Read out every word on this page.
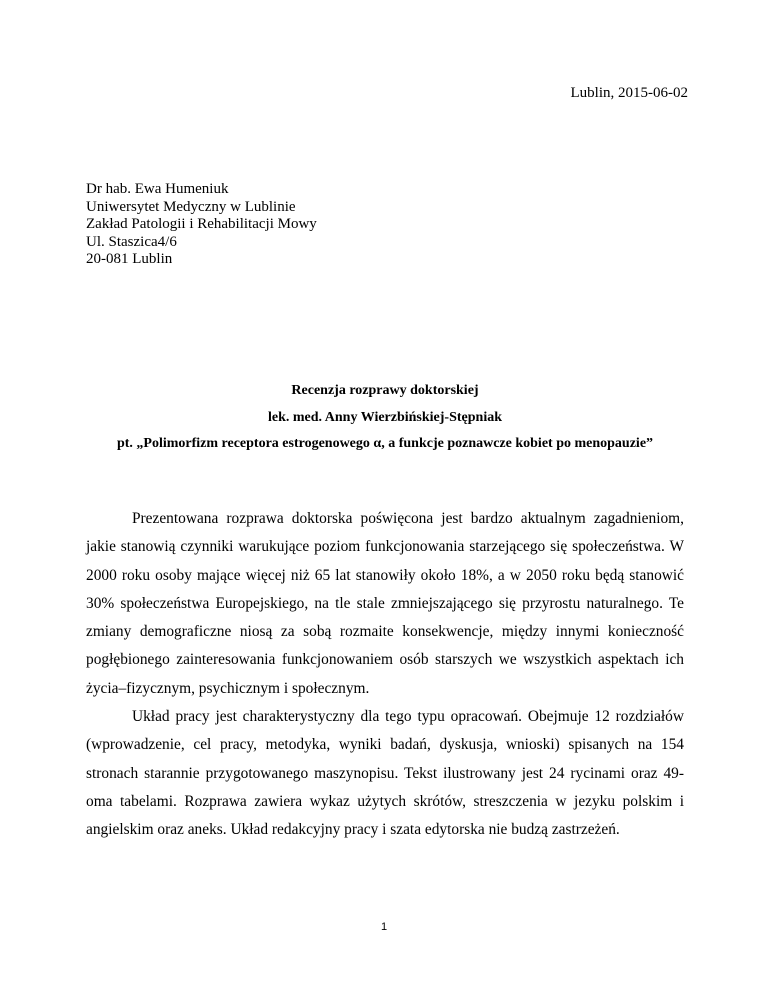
Lublin, 2015-06-02
Dr hab. Ewa Humeniuk
Uniwersytet Medyczny w Lublinie
Zakład Patologii i Rehabilitacji Mowy
Ul. Staszica4/6
20-081 Lublin
Recenzja rozprawy doktorskiej
lek. med. Anny Wierzbińskiej-Stępniak
pt. „Polimorfizm receptora estrogenowego α, a funkcje poznawcze kobiet po menopauzie”

Prezentowana rozprawa doktorska poświęcona jest bardzo aktualnym zagadnieniom, jakie stanowią czynniki warukujące poziom funkcjonowania starzejącego się społeczeństwa. W 2000 roku osoby mające więcej niż 65 lat stanowiły około 18%, a w 2050 roku będą stanowić 30% społeczeństwa Europejskiego, na tle stale zmniejszającego się przyrostu naturalnego. Te zmiany demograficzne niosą za sobą rozmaite konsekwencje, między innymi konieczność pogłębionego zainteresowania funkcjonowaniem osób starszych we wszystkich aspektach ich życia–fizycznym, psychicznym i społecznym.

Układ pracy jest charakterystyczny dla tego typu opracowań. Obejmuje 12 rozdziałów (wprowadzenie, cel pracy, metodyka, wyniki badań, dyskusja, wnioski) spisanych na 154 stronach starannie przygotowanego maszynopisu. Tekst ilustrowany jest 24 rycinami oraz 49-oma tabelami. Rozprawa zawiera wykaz użytych skrótów, streszczenia w jezyku polskim i angielskim oraz aneks. Układ redakcyjny pracy i szata edytorska nie budzą zastrzeżeń.

1
